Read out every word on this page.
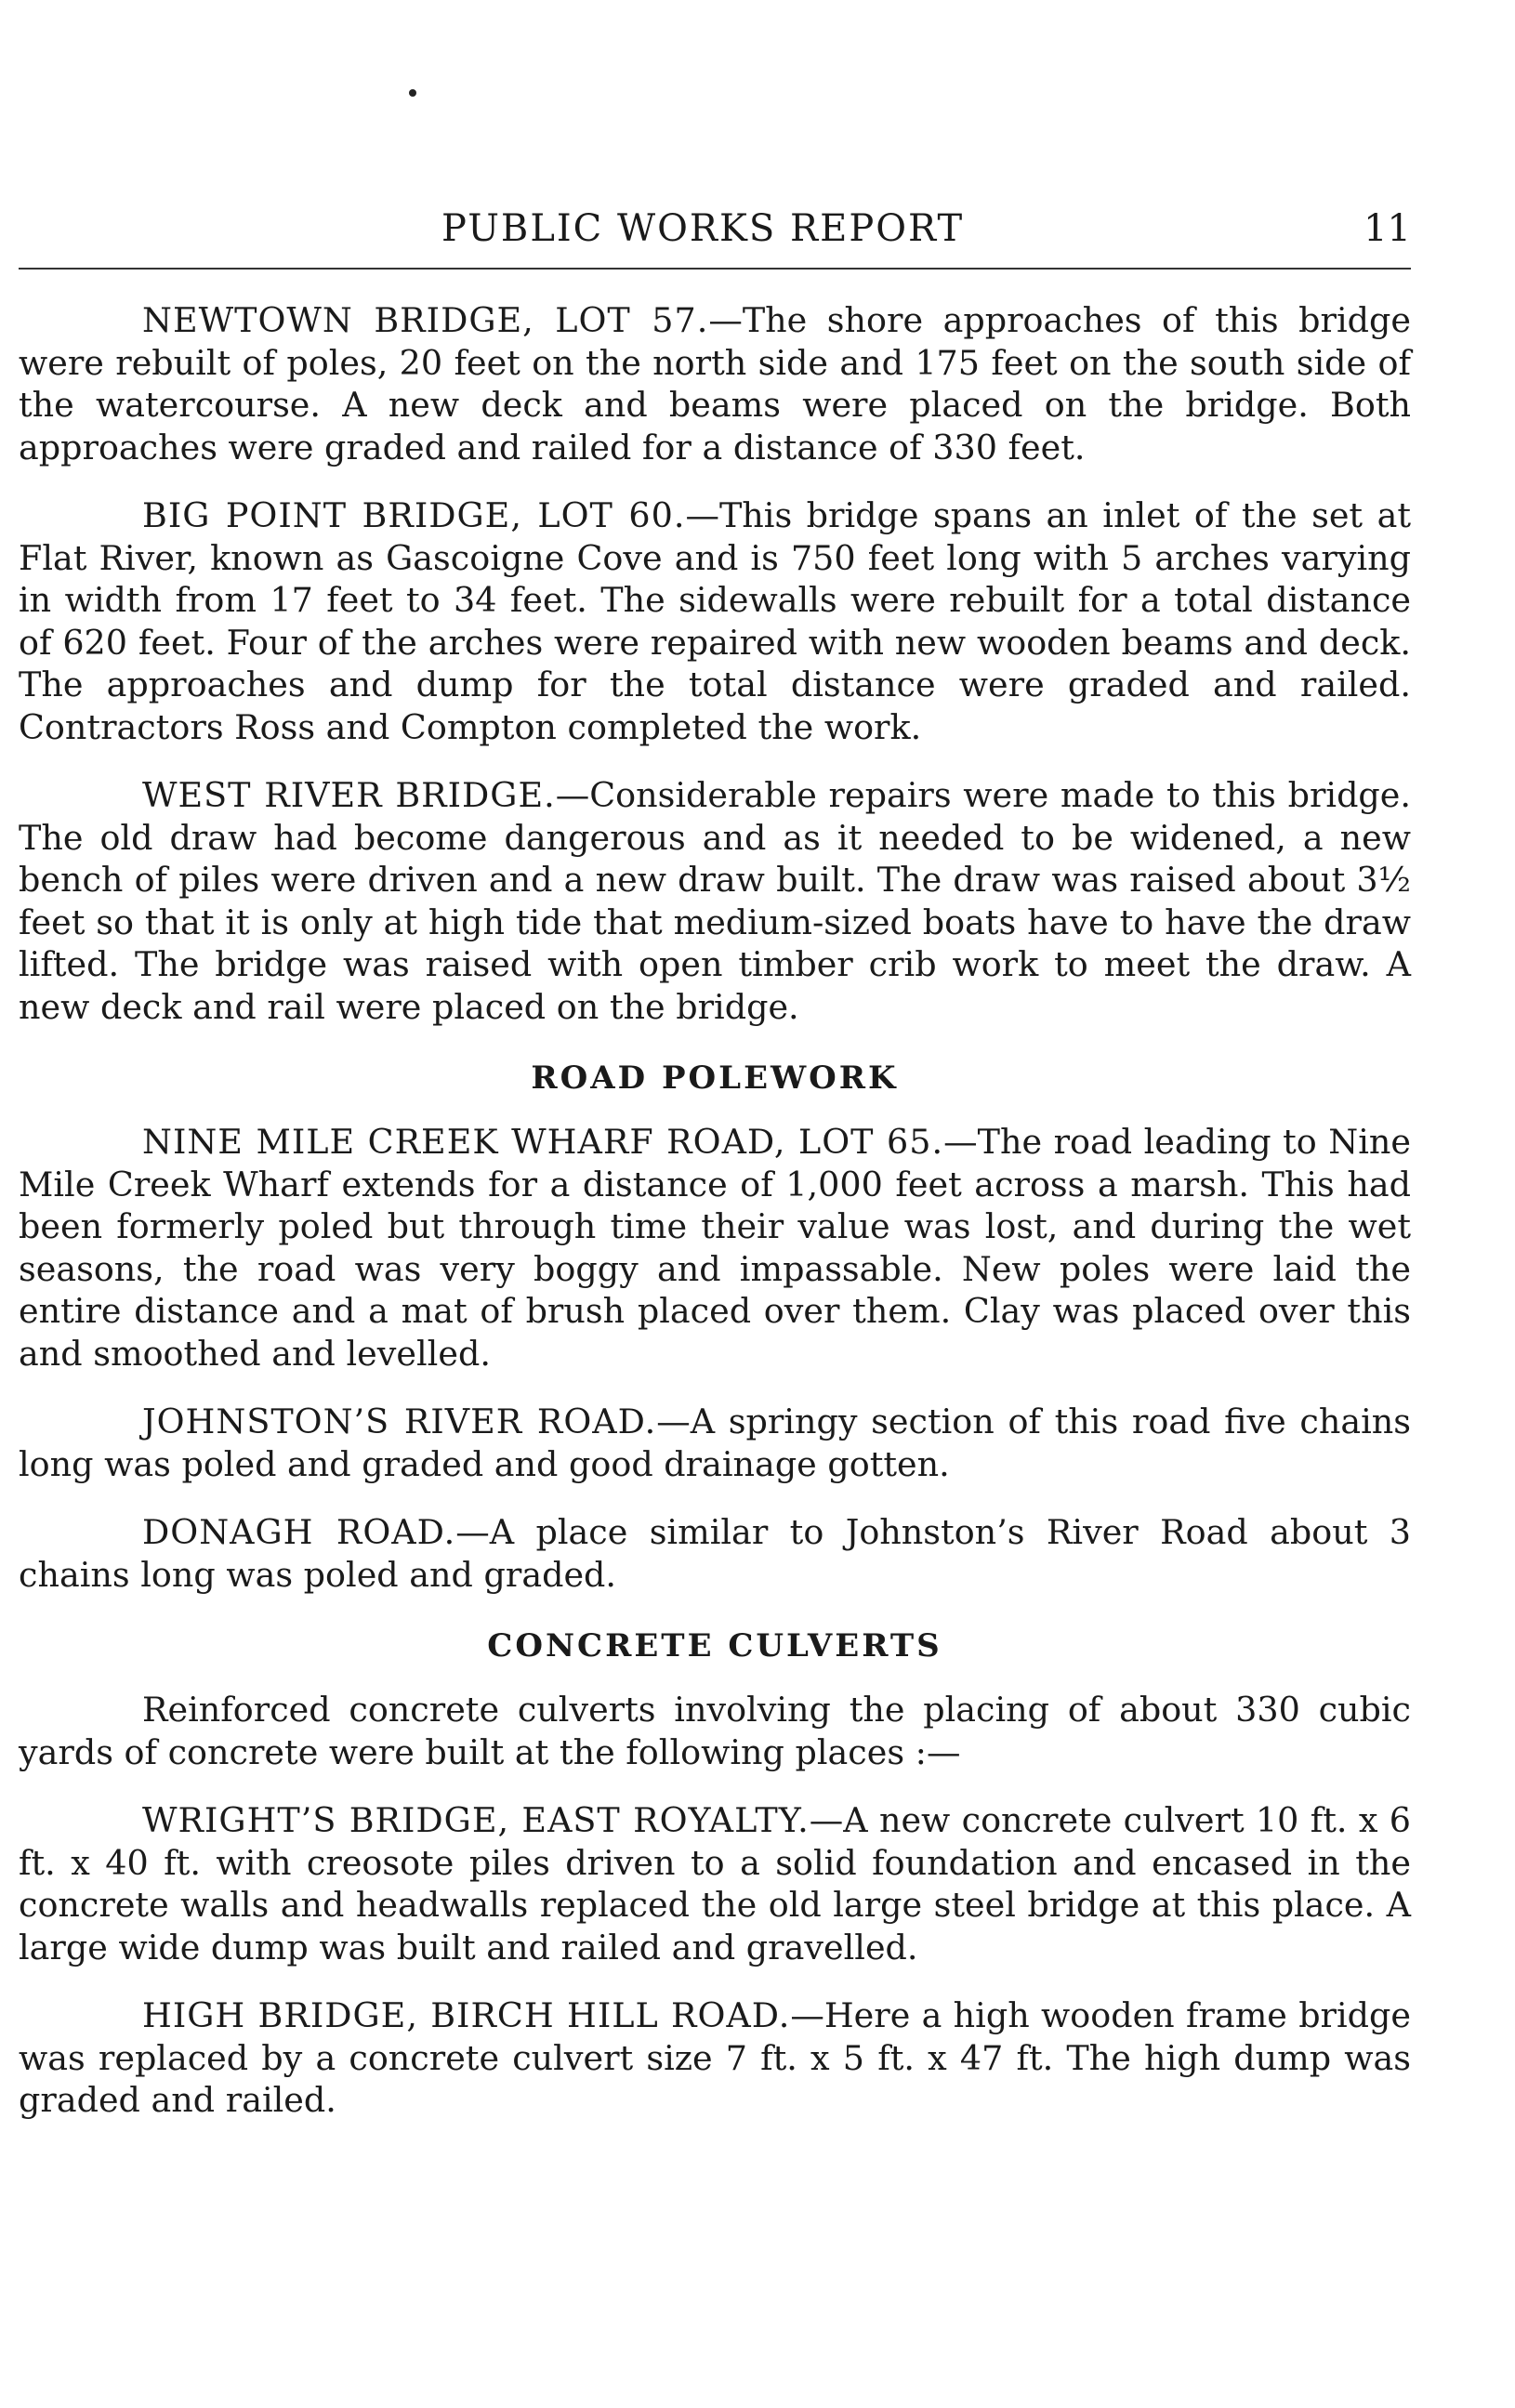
PUBLIC WORKS REPORT	11

NEWTOWN BRIDGE, LOT 57.—The shore approaches of this bridge were rebuilt of poles, 20 feet on the north side and 175 feet on the south side of the watercourse. A new deck and beams were placed on the bridge. Both approaches were graded and railed for a distance of 330 feet.

BIG POINT BRIDGE, LOT 60.—This bridge spans an inlet of the set at Flat River, known as Gascoigne Cove and is 750 feet long with 5 arches varying in width from 17 feet to 34 feet. The sidewalls were rebuilt for a total distance of 620 feet. Four of the arches were repaired with new wooden beams and deck. The approaches and dump for the total distance were graded and railed. Contractors Ross and Compton completed the work.

WEST RIVER BRIDGE.—Considerable repairs were made to this bridge. The old draw had become dangerous and as it needed to be widened, a new bench of piles were driven and a new draw built. The draw was raised about 3½ feet so that it is only at high tide that medium-sized boats have to have the draw lifted. The bridge was raised with open timber crib work to meet the draw. A new deck and rail were placed on the bridge.

ROAD POLEWORK

NINE MILE CREEK WHARF ROAD, LOT 65.—The road leading to Nine Mile Creek Wharf extends for a distance of 1,000 feet across a marsh. This had been formerly poled but through time their value was lost, and during the wet seasons, the road was very boggy and impassable. New poles were laid the entire distance and a mat of brush placed over them. Clay was placed over this and smoothed and levelled.

JOHNSTON’S RIVER ROAD.—A springy section of this road five chains long was poled and graded and good drainage gotten.

DONAGH ROAD.—A place similar to Johnston’s River Road about 3 chains long was poled and graded.

CONCRETE CULVERTS

Reinforced concrete culverts involving the placing of about 330 cubic yards of concrete were built at the following places :—

WRIGHT’S BRIDGE, EAST ROYALTY.—A new concrete culvert 10 ft. x 6 ft. x 40 ft. with creosote piles driven to a solid foundation and encased in the concrete walls and headwalls replaced the old large steel bridge at this place. A large wide dump was built and railed and gravelled.

HIGH BRIDGE, BIRCH HILL ROAD.—Here a high wooden frame bridge was replaced by a concrete culvert size 7 ft. x 5 ft. x 47 ft. The high dump was graded and railed.
